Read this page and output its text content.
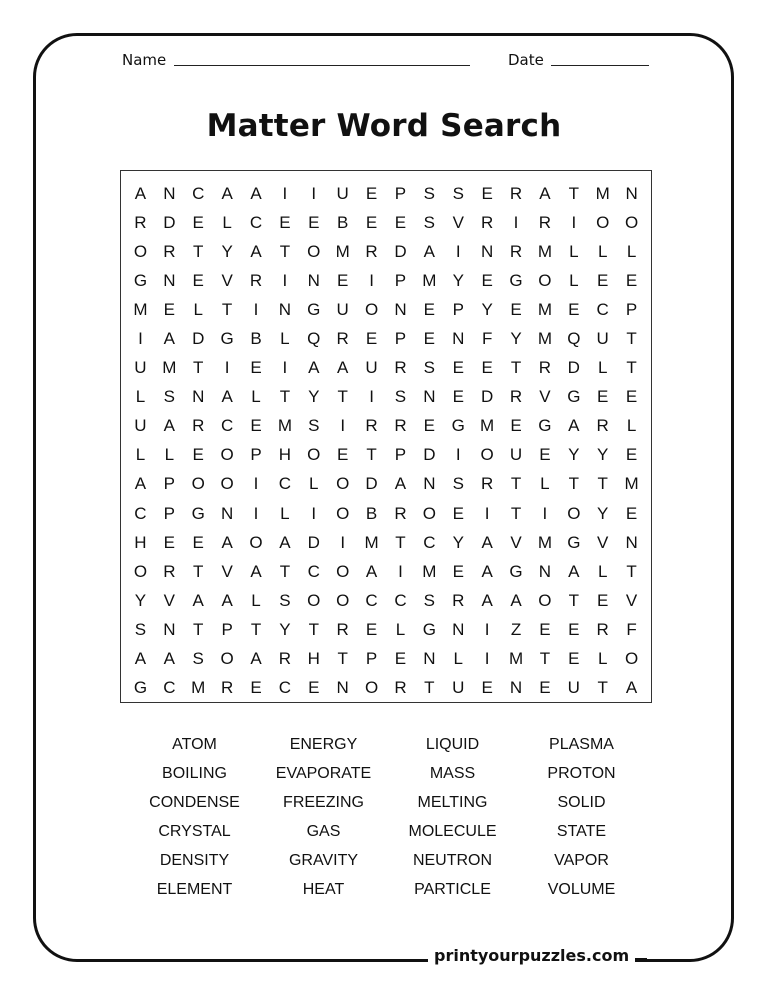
Name	Date
Matter Word Search
A	N C	A	A	I	I	U	E	P	S	S	E	R	A	T M N
R D	E	L	C	E	E	B	E	E	S	V	R	I	R	I	O O
O R	T	Y	A	T	O M R D	A	I	N R M	L	L	L
G N	E	V	R	I	N	E	I	P M Y	E G O	L	E	E
M E	L	T	I	N G U O N	E	P	Y	E M E	C	P
I	A	D G B	L	Q R	E	P	E	N	F	Y M Q U	T
U M T	I	E	I	A	A	U R	S	E	E	T	R D	L	T
L	S	N	A	L	T	Y	T	I	S	N	E	D R	V G E	E
U	A	R C	E M S	I	R R	E G M E G A	R	L
L	L	E O P	H O E	T	P	D	I	O U	E	Y	Y	E
A	P O O	I	C	L	O D	A	N	S	R	T	L	T	T M
C	P G N	I	L	I	O B	R O E	I	T	I	O Y	E
H	E	E	A O A	D	I	M T	C	Y	A	V M G V	N
O R	T	V	A	T	C O A	I	M E	A G N	A	L	T
Y	V	A	A	L	S O O C C	S	R	A	A O	T	E	V
S	N	T	P	T	Y	T	R	E	L	G N	I	Z	E	E	R	F
A	A	S O A	R H	T	P	E	N	L	I	M T	E	L	O
G C M R	E	C	E	N O R	T	U	E	N	E	U	T	A
ATOM	ENERGY	LIQUID	PLASMA
BOILING	EVAPORATE	MASS	PROTON
CONDENSE	FREEZING	MELTING	SOLID
CRYSTAL	GAS	MOLECULE	STATE
DENSITY	GRAVITY	NEUTRON	VAPOR
ELEMENT	HEAT	PARTICLE	VOLUME
printyourpuzzles.com
